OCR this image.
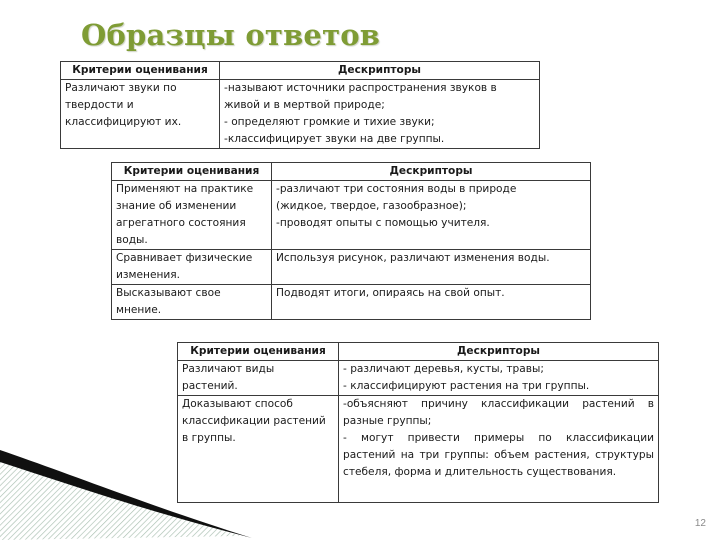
Образцы ответов
Критерии оценивания	Дескрипторы

Различают звуки по
твердости и
классифицируют их.	-называют источники распространения звуков в
живой и в мертвой природе;
- определяют громкие и тихие звуки;
-классифицирует звуки на две группы.
Критерии оценивания	Дескрипторы

Применяют на практике
знание об изменении
агрегатного состояния
воды.	-различают три состояния воды в природе
(жидкое, твердое, газообразное);
-проводят опыты с помощью учителя.

Сравнивает физические
изменения.	Используя рисунок, различают изменения воды.

Высказывают свое
мнение.	Подводят итоги, опираясь на свой опыт.
Критерии оценивания	Дескрипторы

Различают виды
растений.	- различают деревья, кусты, травы;
- классифицируют растения на три группы.

Доказывают способ
классификации растений
в группы.	-объясняют причину классификации растений в разные группы;
- могут привести примеры по классификации растений на три группы: объем растения, структуры стебеля, форма и длительность существования.
12
